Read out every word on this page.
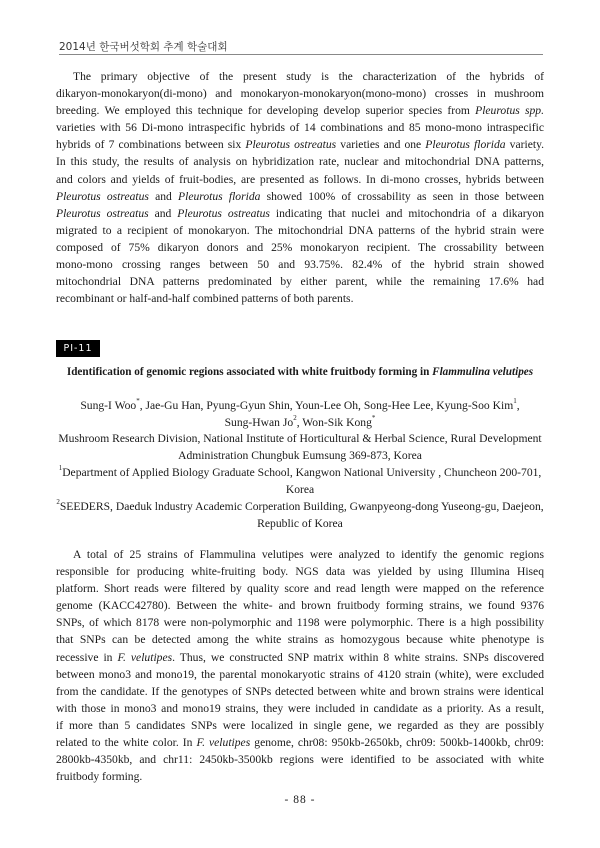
2014년 한국버섯학회 추계 학술대회

The primary objective of the present study is the characterization of the hybrids of
dikaryon-monokaryon(di-mono) and monokaryon-monokaryon(mono-mono) crosses in mushroom
breeding. We employed this technique for developing develop superior species from Pleurotus spp.
varieties with 56 Di-mono intraspecific hybrids of 14 combinations and 85 mono-mono intraspecific
hybrids of 7 combinations between six Pleurotus ostreatus varieties and one Pleurotus florida variety.
In this study, the results of analysis on hybridization rate, nuclear and mitochondrial DNA patterns,
and colors and yields of fruit-bodies, are presented as follows. In di-mono crosses, hybrids between
Pleurotus ostreatus and Pleurotus florida showed 100% of crossability as seen in those between
Pleurotus ostreatus and Pleurotus ostreatus indicating that nuclei and mitochondria of a dikaryon
migrated to a recipient of monokaryon. The mitochondrial DNA patterns of the hybrid strain were
composed of 75% dikaryon donors and 25% monokaryon recipient. The crossability between
mono-mono crossing ranges between 50 and 93.75%. 82.4% of the hybrid strain showed
mitochondrial DNA patterns predominated by either parent, while the remaining 17.6% had
recombinant or half-and-half combined patterns of both parents.

PⅠ-11

Identification of genomic regions associated with white fruitbody forming in Flammulina velutipes

Sung-I Woo*, Jae-Gu Han, Pyung-Gyun Shin, Youn-Lee Oh, Song-Hee Lee, Kyung-Soo Kim$^1$,
Sung-Hwan Jo$^2$, Won-Sik Kong*

Mushroom Research Division, National Institute of Horticultural & Herbal Science, Rural Development
Administration Chungbuk Eumsung 369-873, Korea

$^1$Department of Applied Biology Graduate School, Kangwon National University , Chuncheon 200-701,
Korea

$^2$SEEDERS, Daeduk lndustry Academic Corperation Building, Gwanpyeong-dong Yuseong-gu, Daejeon,
Republic of Korea

A total of 25 strains of Flammulina velutipes were analyzed to identify the genomic regions
responsible for producing white-fruiting body. NGS data was yielded by using Illumina Hiseq
platform. Short reads were filtered by quality score and read length were mapped on the reference
genome (KACC42780). Between the white- and brown fruitbody forming strains, we found 9376
SNPs, of which 8178 were non-polymorphic and 1198 were polymorphic. There is a high possibility
that SNPs can be detected among the white strains as homozygous because white phenotype is
recessive in F. velutipes. Thus, we constructed SNP matrix within 8 white strains. SNPs discovered
between mono3 and mono19, the parental monokaryotic strains of 4120 strain (white), were excluded
from the candidate. If the genotypes of SNPs detected between white and brown strains were identical
with those in mono3 and mono19 strains, they were included in candidate as a priority. As a result,
if more than 5 candidates SNPs were localized in single gene, we regarded as they are possibly
related to the white color. In F. velutipes genome, chr08: 950kb-2650kb, chr09: 500kb-1400kb, chr09:
2800kb-4350kb, and chr11: 2450kb-3500kb regions were identified to be associated with white
fruitbody forming.

- 88 -
